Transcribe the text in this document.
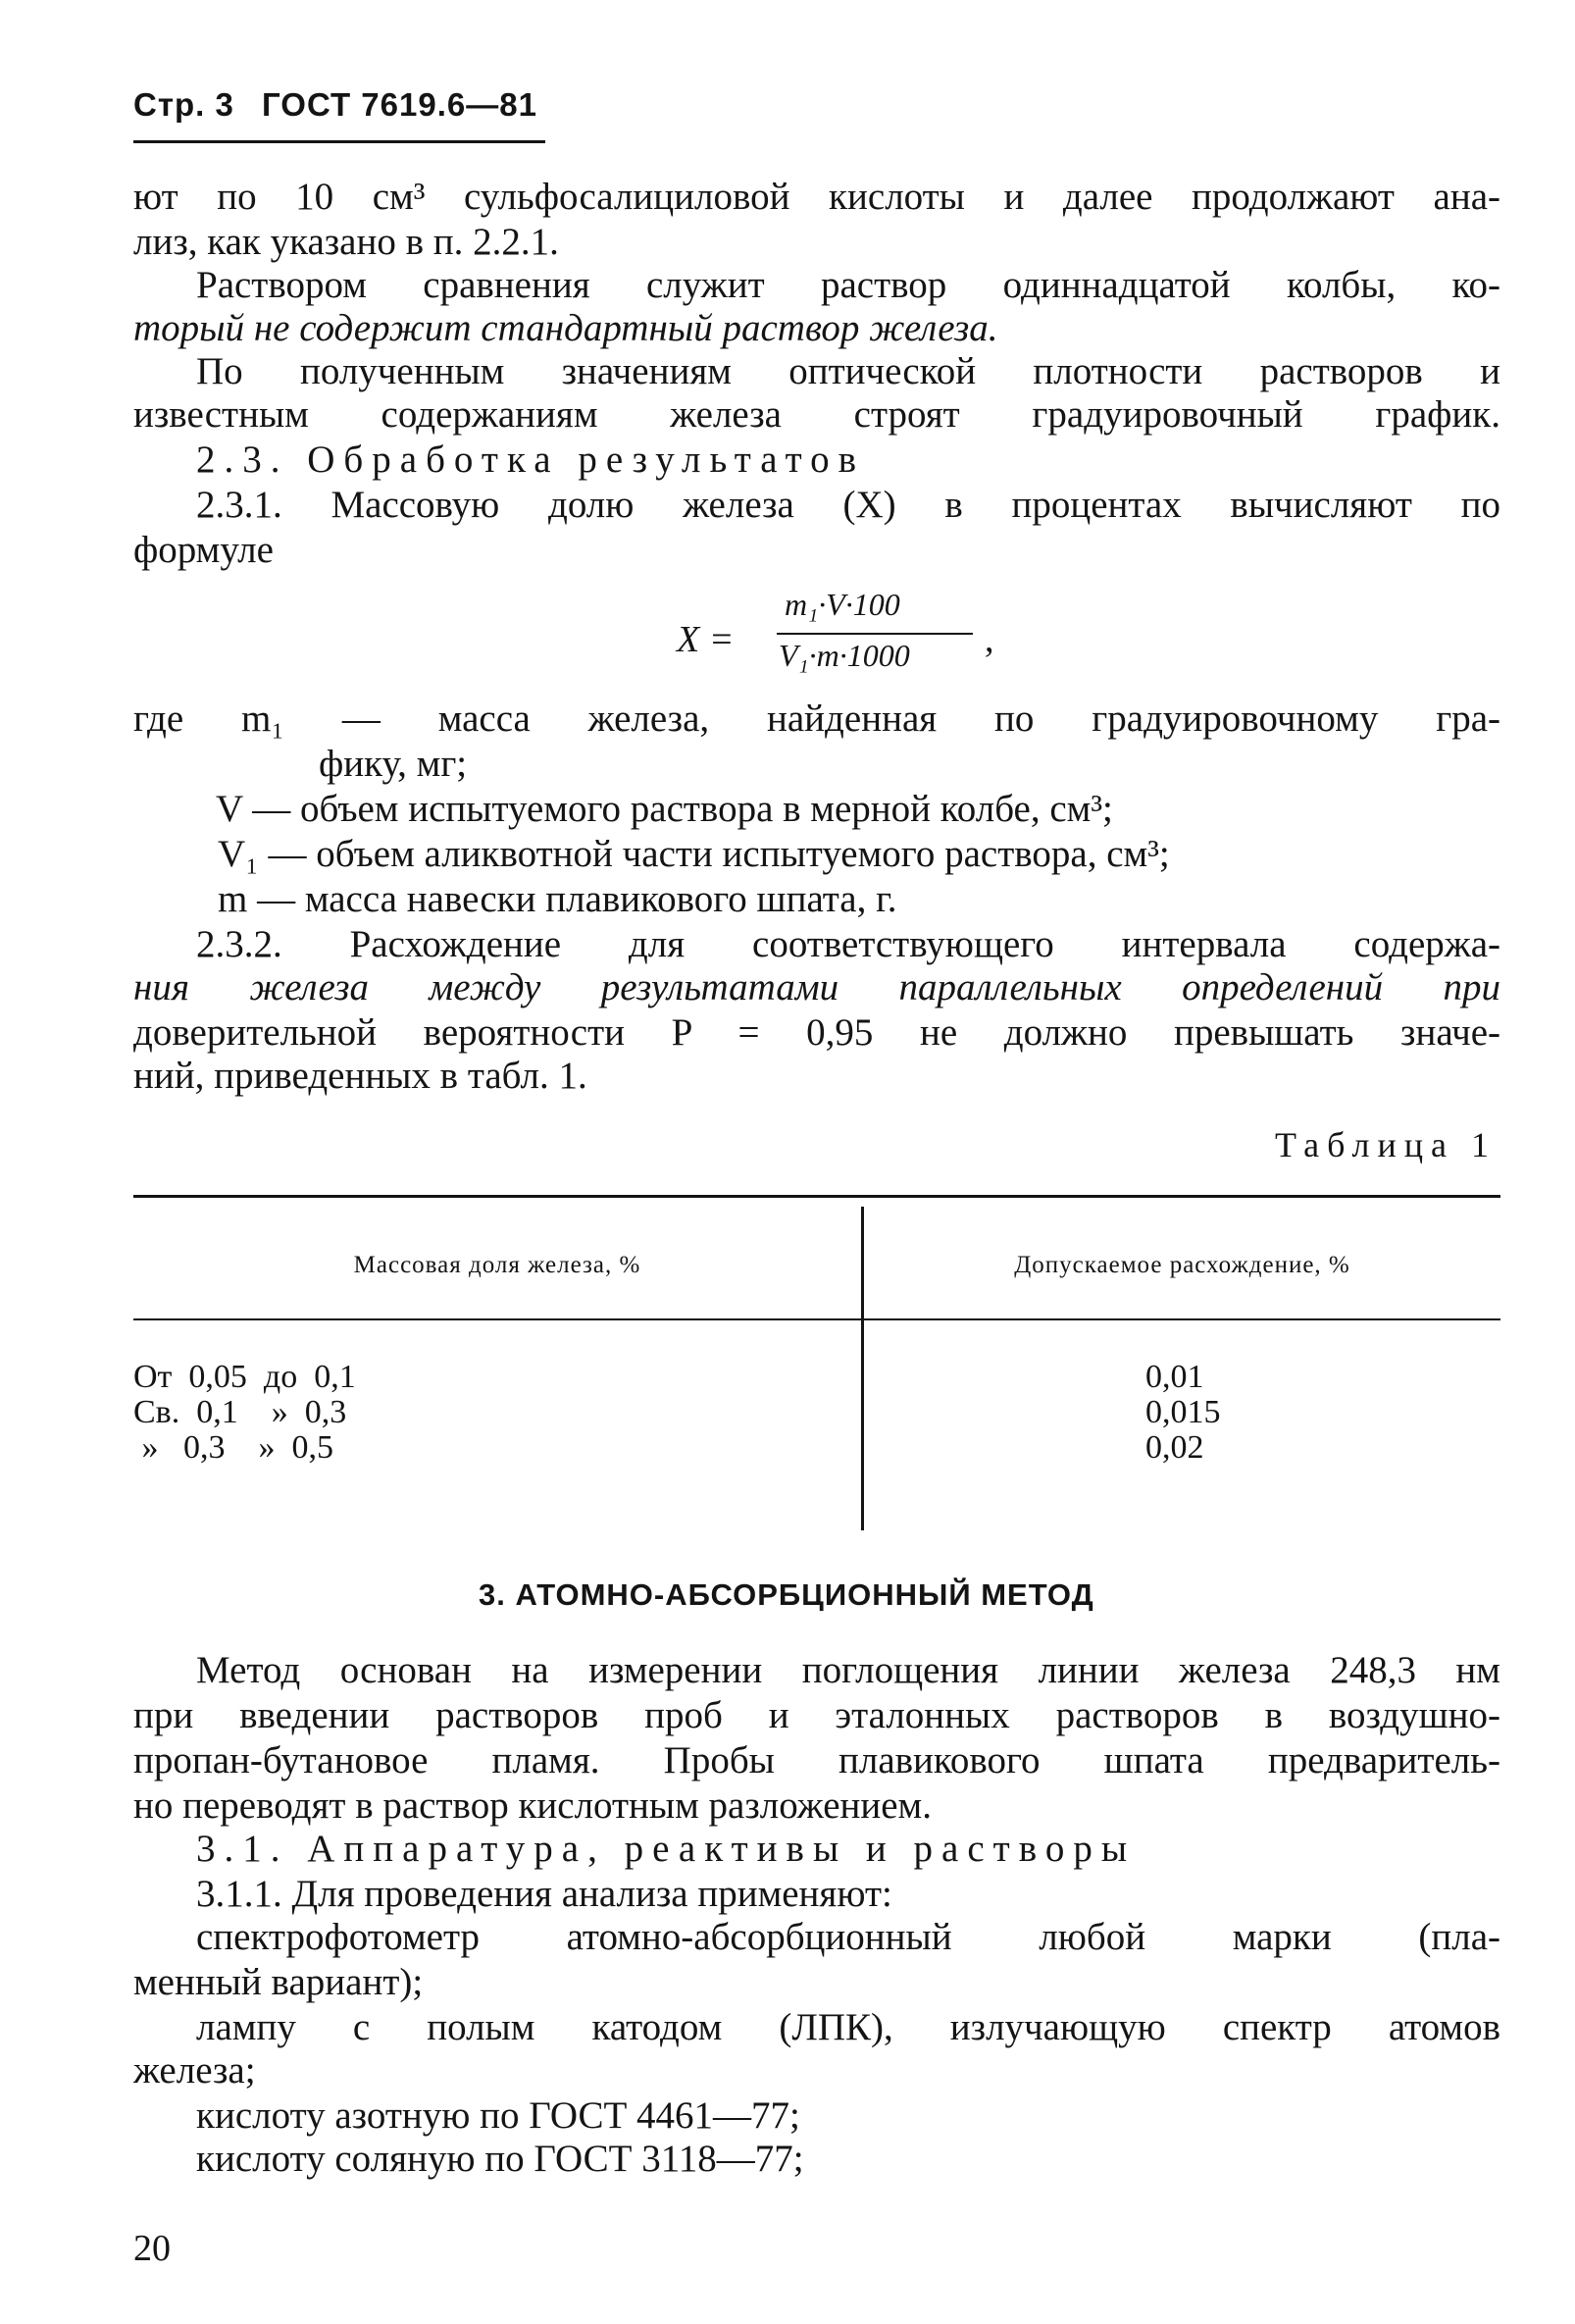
Стр. 3 ГОСТ 7619.6—81
ют по 10 см³ сульфосалициловой кислоты и далее продолжают ана-
лиз, как указано в п. 2.2.1.
Раствором сравнения служит раствор одиннадцатой колбы, ко-
торый не содержит стандартный раствор железа.
По полученным значениям оптической плотности растворов и
известным содержаниям железа строят градуировочный график.
2.3. Обработка результатов
2.3.1. Массовую долю железа (X) в процентах вычисляют по
формуле
X =
m₁·V·100
V₁·m·1000 ,
где m₁ — масса железа, найденная по градуировочному гра-
фику, мг;
V — объем испытуемого раствора в мерной колбе, см³;
V₁ — объем аликвотной части испытуемого раствора, см³;
m — масса навески плавикового шпата, г.
2.3.2. Расхождение для соответствующего интервала содержа-
ния железа между результатами параллельных определений при
доверительной вероятности P = 0,95 не должно превышать значе-
ний, приведенных в табл. 1.
Таблица 1
Массовая доля железа, %	Допускаемое расхождение, %
От  0,05  до  0,1
Св.  0,1    »  0,3
»   0,3    »  0,5
0,01
0,015
0,02
3. АТОМНО-АБСОРБЦИОННЫЙ МЕТОД
Метод основан на измерении поглощения линии железа 248,3 нм
при введении растворов проб и эталонных растворов в воздушно-
пропан-бутановое пламя. Пробы плавикового шпата предваритель-
но переводят в раствор кислотным разложением.
3.1. Аппаратура, реактивы и растворы
3.1.1. Для проведения анализа применяют:
спектрофотометр атомно-абсорбционный любой марки (пла-
менный вариант);
лампу с полым катодом (ЛПК), излучающую спектр атомов
железа;
кислоту азотную по ГОСТ 4461—77;
кислоту соляную по ГОСТ 3118—77;
20
